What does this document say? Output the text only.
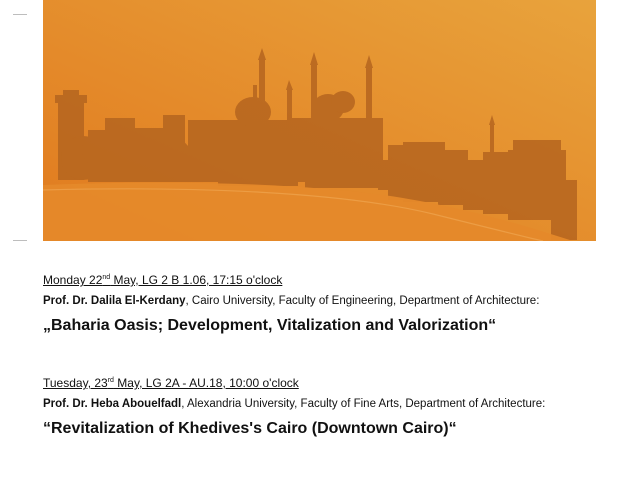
Monday 22nd May, LG 2 B 1.06, 17:15 o'clock
Prof. Dr. Dalila El-Kerdany, Cairo University, Faculty of Engineering, Department of Architecture:
„Baharia Oasis; Development, Vitalization and Valorization“
Tuesday, 23rd May, LG 2A - AU.18, 10:00 o'clock
Prof. Dr. Heba Abouelfadl, Alexandria University, Faculty of Fine Arts, Department of Architecture:
“Revitalization of Khedives's Cairo (Downtown Cairo)“
